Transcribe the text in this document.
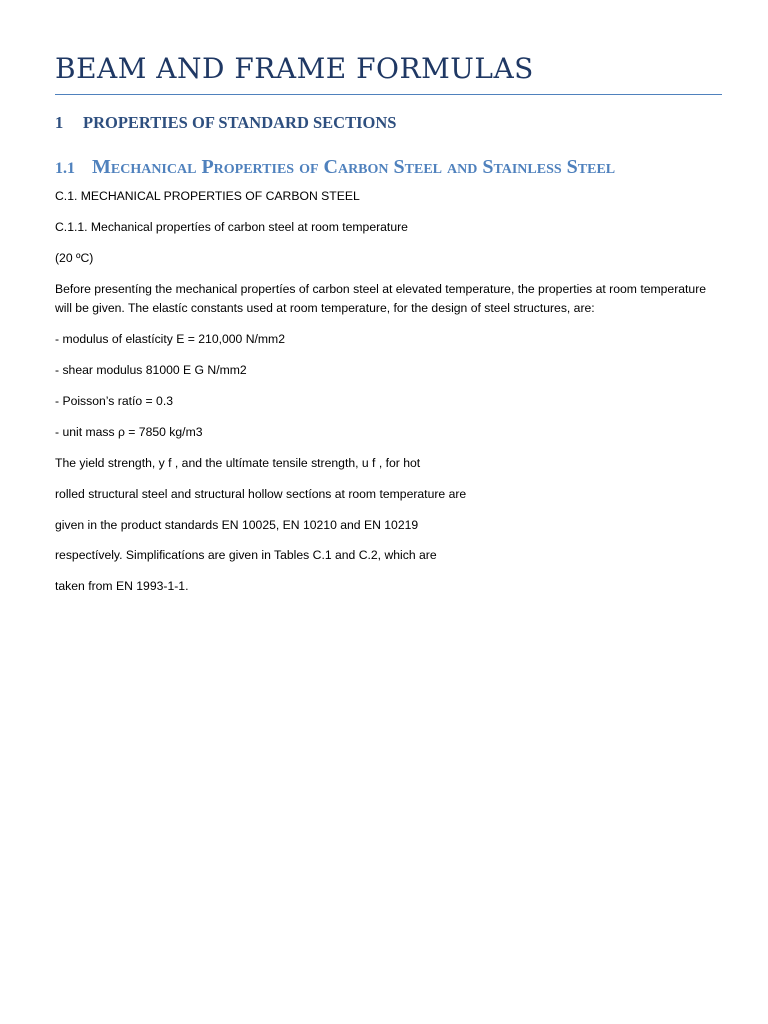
BEAM AND FRAME FORMULAS
1 PROPERTIES OF STANDARD SECTIONS
1.1 Mechanical Properties of Carbon Steel and Stainless Steel

C.1. MECHANICAL PROPERTIES OF CARBON STEEL

C.1.1. Mechanical propertíes of carbon steel at room temperature

(20 ºC)

Before presentíng the mechanical propertíes of carbon steel at elevated temperature, the properties at room temperature will be given. The elastíc constants used at room temperature, for the design of steel structures, are:

- modulus of elastícity E = 210,000 N/mm2

- shear modulus 81000 E G N/mm2

- Poisson’s ratío = 0.3

- unit mass ρ = 7850 kg/m3

The yield strength, y f , and the ultímate tensile strength, u f , for hot

rolled structural steel and structural hollow sectíons at room temperature are

given in the product standards EN 10025, EN 10210 and EN 10219

respectívely. Simplificatíons are given in Tables C.1 and C.2, which are

taken from EN 1993-1-1.
